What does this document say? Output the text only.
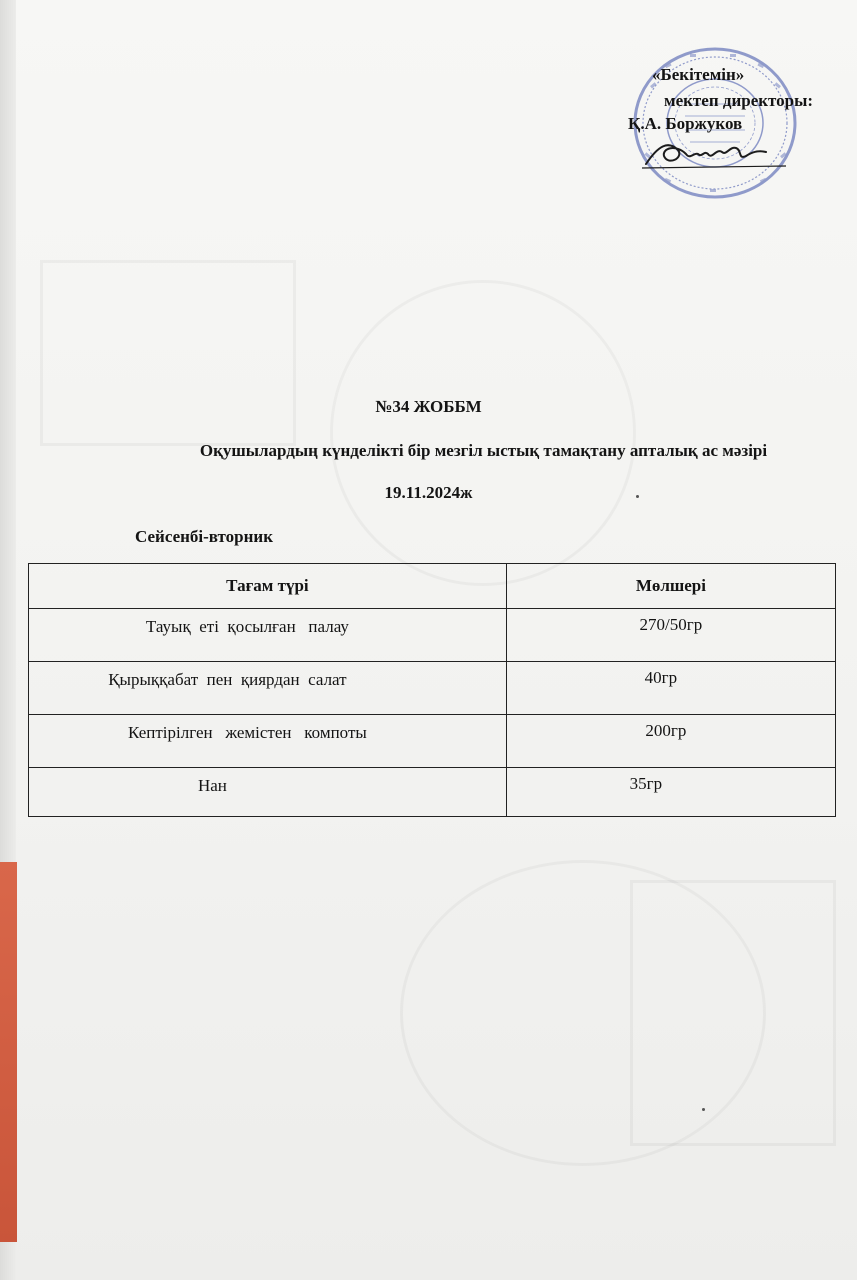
«Бекітемін»
мектеп директоры:
Қ.А. Боржуков
№34 ЖОББМ
Оқушылардың күнделікті бір мезгіл ыстық тамақтану апталық ас мәзірі
19.11.2024ж
Сейсенбі-вторник
Тағам түрі	Мөлшері
Тауық  еті  қосылған   палау	270/50гр
Қырыққабат  пен  қиярдан  салат	40гр
Кептірілген   жемістен   компоты	200гр
Нан	35гр
